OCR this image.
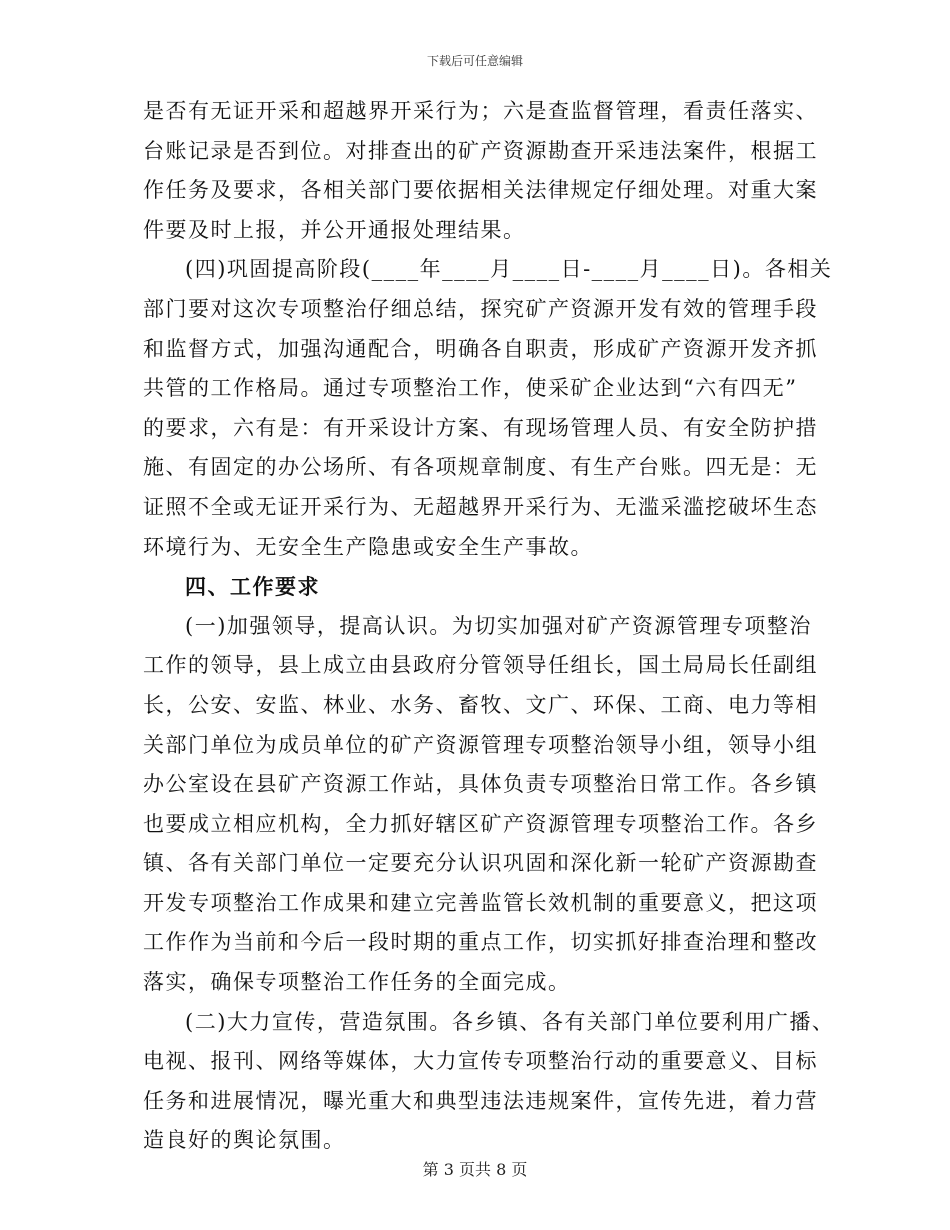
下载后可任意编辑
是否有无证开采和超越界开采行为；六是查监督管理，看责任落实、
台账记录是否到位。对排查出的矿产资源勘查开采违法案件，根据工
作任务及要求，各相关部门要依据相关法律规定仔细处理。对重大案
件要及时上报，并公开通报处理结果。
(四)巩固提高阶段(____年____月____日-____月____日)。各相关
部门要对这次专项整治仔细总结，探究矿产资源开发有效的管理手段
和监督方式，加强沟通配合，明确各自职责，形成矿产资源开发齐抓
共管的工作格局。通过专项整治工作，使采矿企业达到“六有四无”
的要求，六有是：有开采设计方案、有现场管理人员、有安全防护措
施、有固定的办公场所、有各项规章制度、有生产台账。四无是：无
证照不全或无证开采行为、无超越界开采行为、无滥采滥挖破坏生态
环境行为、无安全生产隐患或安全生产事故。
四、工作要求
(一)加强领导，提高认识。为切实加强对矿产资源管理专项整治
工作的领导，县上成立由县政府分管领导任组长，国土局局长任副组
长，公安、安监、林业、水务、畜牧、文广、环保、工商、电力等相
关部门单位为成员单位的矿产资源管理专项整治领导小组，领导小组
办公室设在县矿产资源工作站，具体负责专项整治日常工作。各乡镇
也要成立相应机构，全力抓好辖区矿产资源管理专项整治工作。各乡
镇、各有关部门单位一定要充分认识巩固和深化新一轮矿产资源勘查
开发专项整治工作成果和建立完善监管长效机制的重要意义，把这项
工作作为当前和今后一段时期的重点工作，切实抓好排查治理和整改
落实，确保专项整治工作任务的全面完成。
(二)大力宣传，营造氛围。各乡镇、各有关部门单位要利用广播、
电视、报刊、网络等媒体，大力宣传专项整治行动的重要意义、目标
任务和进展情况，曝光重大和典型违法违规案件，宣传先进，着力营
造良好的舆论氛围。
第 3 页共 8 页
